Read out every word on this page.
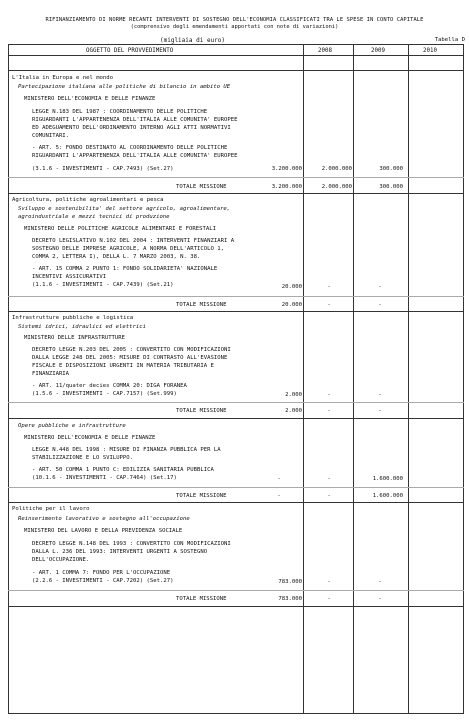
RIFINANZIAMENTO DI NORME RECANTI INTERVENTI DI SOSTEGNO DELL'ECONOMIA CLASSIFICATI TRA LE SPESE IN CONTO CAPITALE
(comprensivo degli emendamenti apportati con note di variazioni)
(migliaia di euro)	Tabella D
OGGETTO DEL PROVVEDIMENTO	2008	2009	2010
L'Italia in Europa e nel mondo
Partecipazione italiana alle politiche di bilancio in ambito UE
MINISTERO DELL'ECONOMIA E DELLE FINANZE
LEGGE N.183 DEL 1987 : COORDINAMENTO DELLE POLITICHE
RIGUARDANTI L'APPARTENENZA DELL'ITALIA ALLE COMUNITA' EUROPEE
ED ADEGUAMENTO DELL'ORDINAMENTO INTERNO AGLI ATTI NORMATIVI
COMUNITARI.
- ART. 5: FONDO DESTINATO AL COORDINAMENTO DELLE POLITICHE
RIGUARDANTI L'APPARTENENZA DELL'ITALIA ALLE COMUNITA' EUROPEE
(3.1.6 - INVESTIMENTI - CAP.7493) (Set.27)	3.200.000	2.000.000	300.000
TOTALE MISSIONE	3.200.000	2.000.000	300.000
Agricoltura, politiche agroalimentari e pesca
Sviluppo e sostenibilita' del settore agricolo, agroalimentare,
agroindustriale e mezzi tecnici di produzione
MINISTERO DELLE POLITICHE AGRICOLE ALIMENTARI E FORESTALI
DECRETO LEGISLATIVO N.102 DEL 2004 : INTERVENTI FINANZIARI A
SOSTEGNO DELLE IMPRESE AGRICOLE, A NORMA DELL'ARTICOLO 1,
COMMA 2, LETTERA I), DELLA L. 7 MARZO 2003, N. 38.
- ART. 15 COMMA 2 PUNTO 1: FONDO SOLIDARIETA' NAZIONALE
INCENTIVI ASSICURATIVI
(1.1.6 - INVESTIMENTI - CAP.7439) (Set.21)	20.000	-	-
TOTALE MISSIONE	20.000	-	-
Infrastrutture pubbliche e logistica
Sistemi idrici, idraulici ed elettrici
MINISTERO DELLE INFRASTRUTTURE
DECRETO LEGGE N.203 DEL 2005 : CONVERTITO CON MODIFICAZIONI
DALLA LEGGE 248 DEL 2005: MISURE DI CONTRASTO ALL'EVASIONE
FISCALE E DISPOSIZIONI URGENTI IN MATERIA TRIBUTARIA E
FINANZIARIA
- ART. 11/quater decies COMMA 20: DIGA FORANEA
(1.5.6 - INVESTIMENTI - CAP.7157) (Set.999)	2.000	-	-
TOTALE MISSIONE	2.000	-	-
Opere pubbliche e infrastrutture
MINISTERO DELL'ECONOMIA E DELLE FINANZE
LEGGE N.448 DEL 1998 : MISURE DI FINANZA PUBBLICA PER LA
STABILIZZAZIONE E LO SVILUPPO.
- ART. 50 COMMA 1 PUNTO C: EDILIZIA SANITARIA PUBBLICA
(10.1.6 - INVESTIMENTI - CAP.7464) (Set.17)	-	-	1.600.000
TOTALE MISSIONE	-	-	1.600.000
Politiche per il lavoro
Reinserimento lavorativo e sostegno all'occupazione
MINISTERO DEL LAVORO E DELLA PREVIDENZA SOCIALE
DECRETO LEGGE N.148 DEL 1993 : CONVERTITO CON MODIFICAZIONI
DALLA L. 236 DEL 1993: INTERVENTI URGENTI A SOSTEGNO
DELL'OCCUPAZIONE.
- ART. 1 COMMA 7: FONDO PER L'OCCUPAZIONE
(2.2.6 - INVESTIMENTI - CAP.7202) (Set.27)	783.000	-	-
TOTALE MISSIONE	783.000	-	-
